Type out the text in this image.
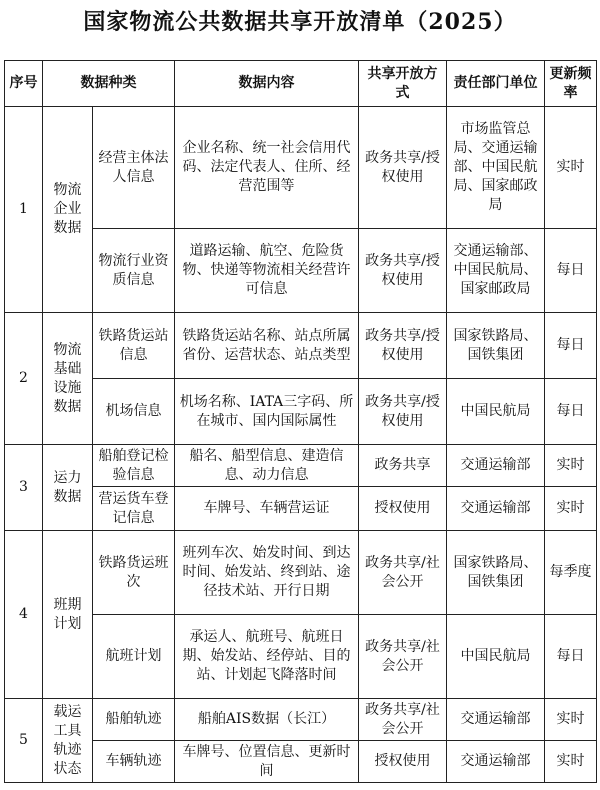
国家物流公共数据共享开放清单（2025）
序号	数据种类		数据内容	共享开放方式	责任部门单位	更新频率
1	物流企业数据	经营主体法人信息	企业名称、统一社会信用代码、法定代表人、住所、经营范围等	政务共享/授权使用	市场监管总局、交通运输部、中国民航局、国家邮政局	实时
		物流行业资质信息	道路运输、航空、危险货物、快递等物流相关经营许可信息	政务共享/授权使用	交通运输部、中国民航局、国家邮政局	每日
2	物流基础设施数据	铁路货运站信息	铁路货运站名称、站点所属省份、运营状态、站点类型	政务共享/授权使用	国家铁路局、国铁集团	每日
		机场信息	机场名称、IATA三字码、所在城市、国内国际属性	政务共享/授权使用	中国民航局	每日
3	运力数据	船舶登记检验信息	船名、船型信息、建造信息、动力信息	政务共享	交通运输部	实时
		营运货车登记信息	车牌号、车辆营运证	授权使用	交通运输部	实时
4	班期计划	铁路货运班次	班列车次、始发时间、到达时间、始发站、终到站、途径技术站、开行日期	政务共享/社会公开	国家铁路局、国铁集团	每季度
		航班计划	承运人、航班号、航班日期、始发站、经停站、目的站、计划起飞降落时间	政务共享/社会公开	中国民航局	每日
5	载运工具轨迹状态	船舶轨迹	船舶AIS数据（长江）	政务共享/社会公开	交通运输部	实时
		车辆轨迹	车牌号、位置信息、更新时间	授权使用	交通运输部	实时
